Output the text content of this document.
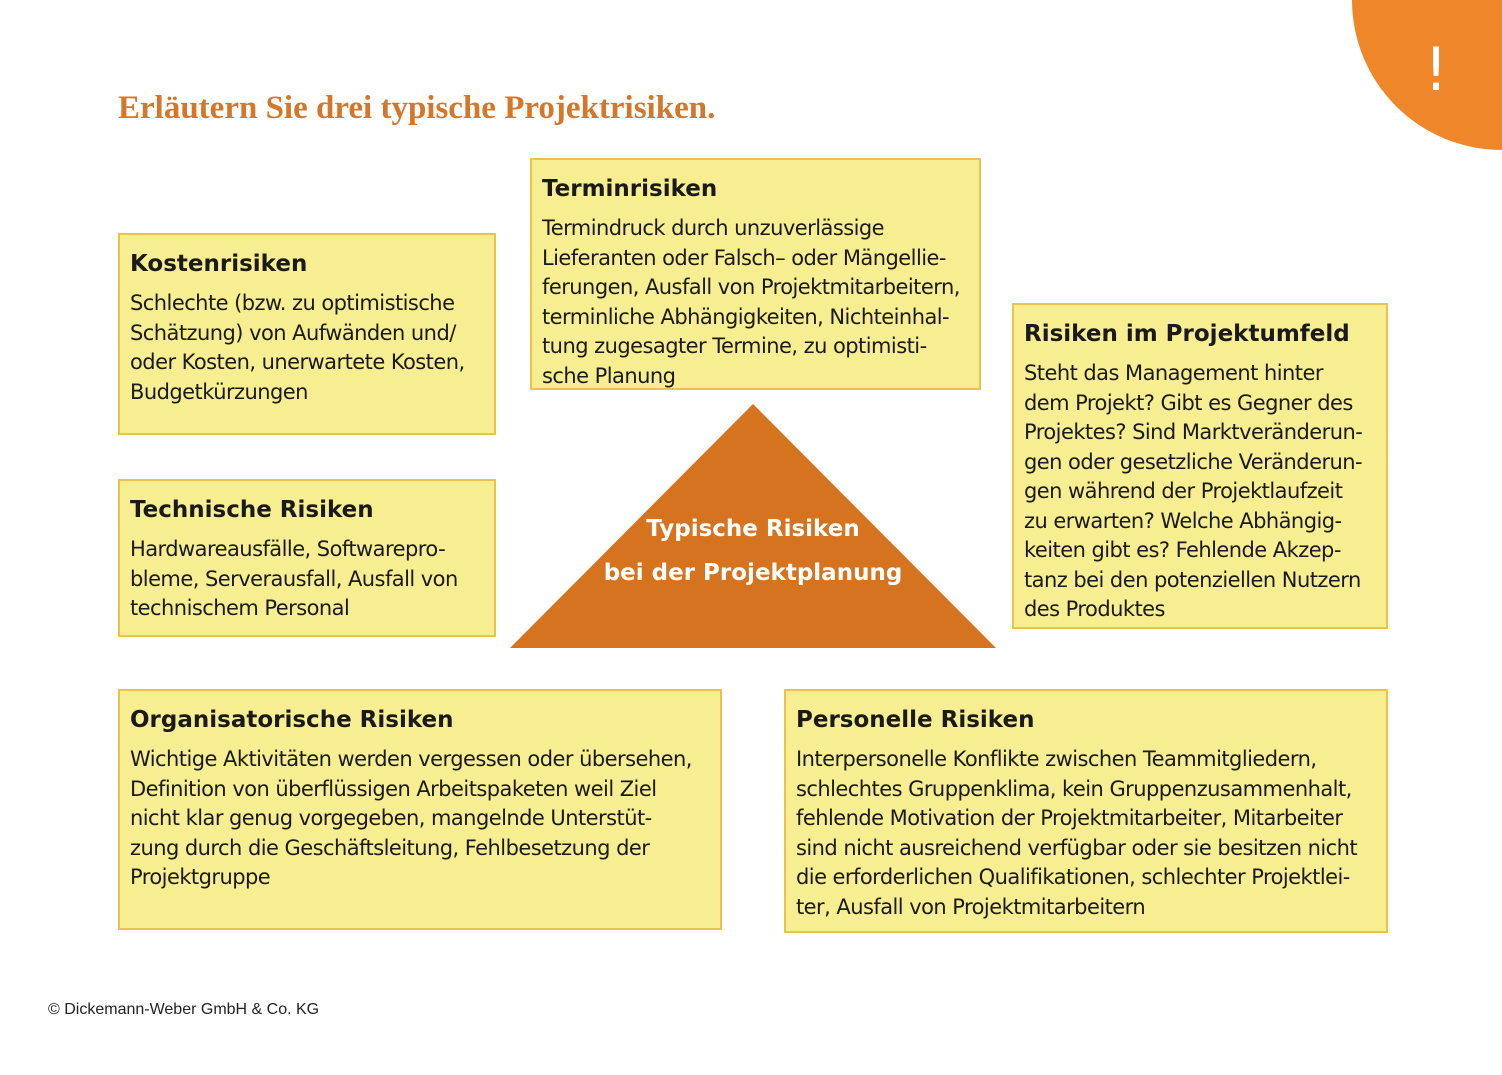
!
Erläutern Sie drei typische Projektrisiken.
Terminrisiken

Termindruck durch unzuverlässige
Lieferanten oder Falsch– oder Mängellie-
ferungen, Ausfall von Projektmitarbeitern,
terminliche Abhängigkeiten, Nichteinhal-
tung zugesagter Termine, zu optimisti-
sche Planung

Kostenrisiken

Schlechte (bzw. zu optimistische
Schätzung) von Aufwänden und/
oder Kosten, unerwartete Kosten,
Budgetkürzungen

Risiken im Projektumfeld

Steht das Management hinter
dem Projekt? Gibt es Gegner des
Projektes? Sind Marktveränderun-
gen oder gesetzliche Veränderun-
gen während der Projektlaufzeit
zu erwarten? Welche Abhängig-
keiten gibt es? Fehlende Akzep-
tanz bei den potenziellen Nutzern
des Produktes

Technische Risiken

Hardwareausfälle, Softwarepro-
bleme, Serverausfall, Ausfall von
technischem Personal

Typische Risiken
bei der Projektplanung
Organisatorische Risiken

Wichtige Aktivitäten werden vergessen oder übersehen,
Definition von überflüssigen Arbeitspaketen weil Ziel
nicht klar genug vorgegeben, mangelnde Unterstüt-
zung durch die Geschäftsleitung, Fehlbesetzung der
Projektgruppe

Personelle Risiken

Interpersonelle Konflikte zwischen Teammitgliedern,
schlechtes Gruppenklima, kein Gruppenzusammenhalt,
fehlende Motivation der Projektmitarbeiter, Mitarbeiter
sind nicht ausreichend verfügbar oder sie besitzen nicht
die erforderlichen Qualifikationen, schlechter Projektlei-
ter, Ausfall von Projektmitarbeitern

© Dickemann-Weber GmbH & Co. KG
